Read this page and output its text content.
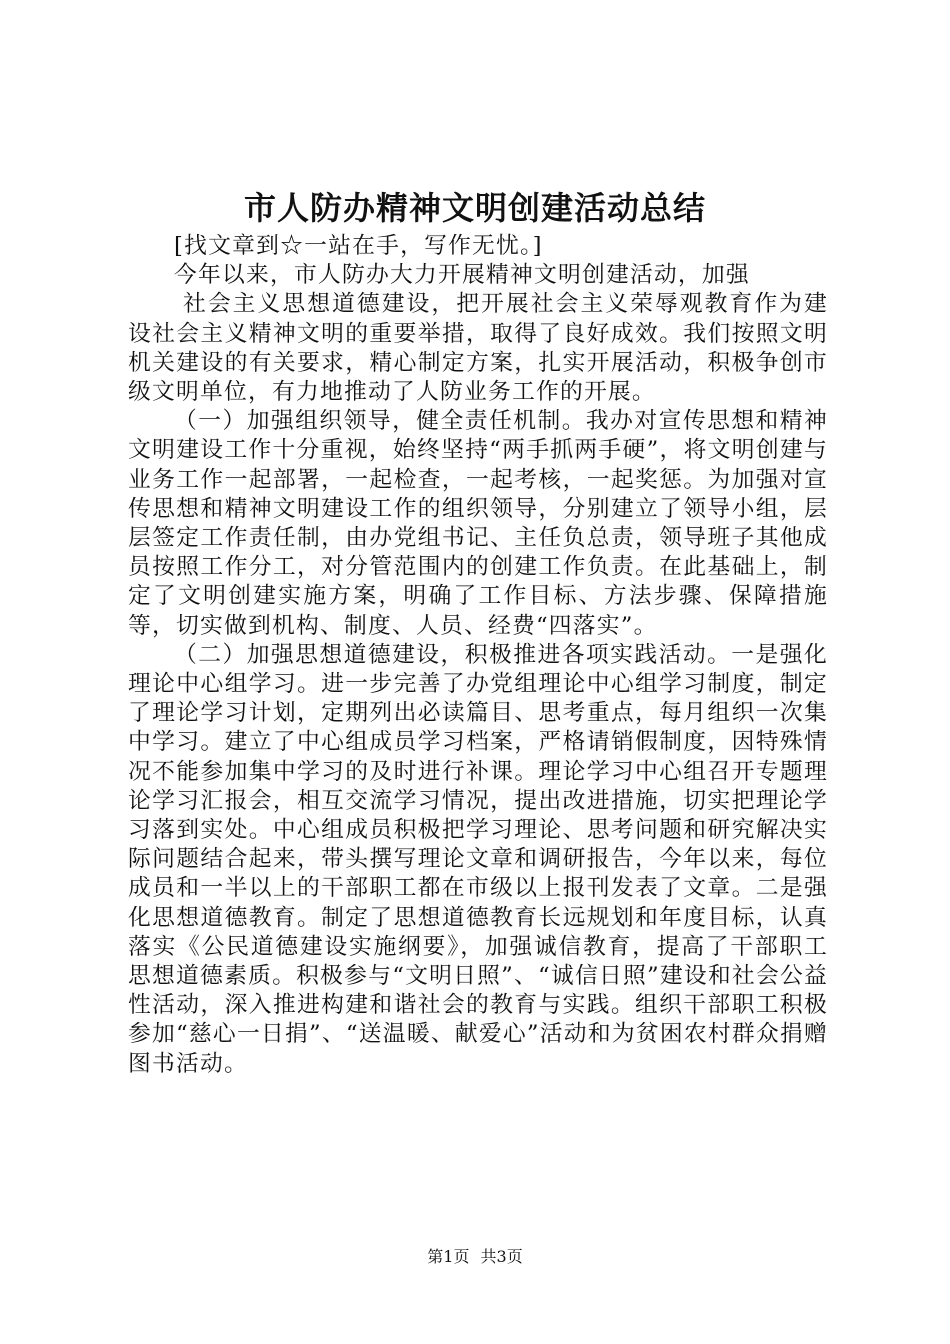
市人防办精神文明创建活动总结

[找文章到☆一站在手，写作无忧。]

今年以来，市人防办大力开展精神文明创建活动，加强
社会主义思想道德建设，把开展社会主义荣辱观教育作为建设社会主义精神文明的重要举措，取得了良好成效。我们按照文明机关建设的有关要求，精心制定方案，扎实开展活动，积极争创市级文明单位，有力地推动了人防业务工作的开展。

（一）加强组织领导，健全责任机制。我办对宣传思想和精神文明建设工作十分重视，始终坚持“两手抓两手硬”，将文明创建与业务工作一起部署，一起检查，一起考核，一起奖惩。为加强对宣传思想和精神文明建设工作的组织领导，分别建立了领导小组，层层签定工作责任制，由办党组书记、主任负总责，领导班子其他成员按照工作分工，对分管范围内的创建工作负责。在此基础上，制定了文明创建实施方案，明确了工作目标、方法步骤、保障措施等，切实做到机构、制度、人员、经费“四落实”。

（二）加强思想道德建设，积极推进各项实践活动。一是强化理论中心组学习。进一步完善了办党组理论中心组学习制度，制定了理论学习计划，定期列出必读篇目、思考重点，每月组织一次集中学习。建立了中心组成员学习档案，严格请销假制度，因特殊情况不能参加集中学习的及时进行补课。理论学习中心组召开专题理论学习汇报会，相互交流学习情况，提出改进措施，切实把理论学习落到实处。中心组成员积极把学习理论、思考问题和研究解决实际问题结合起来，带头撰写理论文章和调研报告，今年以来，每位成员和一半以上的干部职工都在市级以上报刊发表了文章。二是强化思想道德教育。制定了思想道德教育长远规划和年度目标，认真落实《公民道德建设实施纲要》，加强诚信教育，提高了干部职工思想道德素质。积极参与“文明日照”、“诚信日照”建设和社会公益性活动，深入推进构建和谐社会的教育与实践。组织干部职工积极参加“慈心一日捐”、“送温暖、献爱心”活动和为贫困农村群众捐赠图书活动。

第1页 共3页
